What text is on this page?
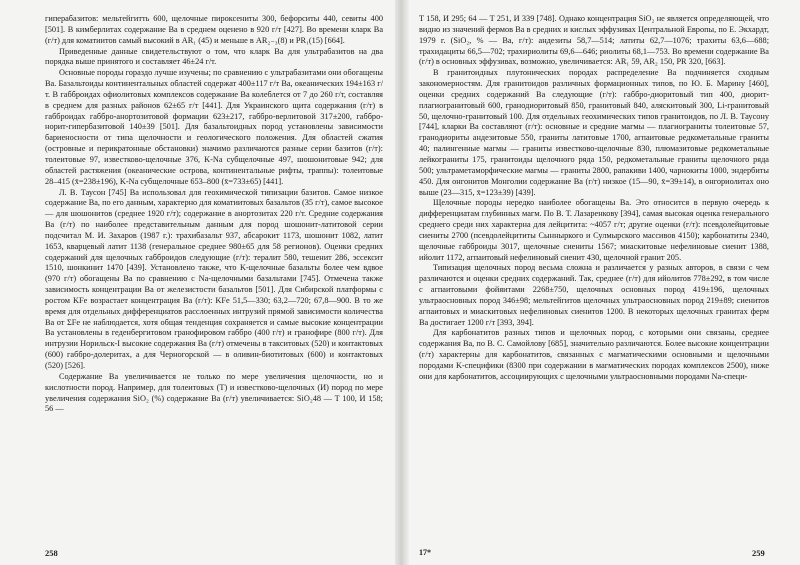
гиперабазитов: мельтейгитть 600, щелочные пироксениты 300, бефорситы 440, севиты 400 [501]. В кимберлитах содержание Ва в среднем оценено в 920 г/т [427]. Во времени кларк Ва (г/т) для коматиитов самый высокий в AR₁ (45) и меньше в AR₂₋₃(8) и PR₁(15) [664].

Приведенные данные свидетельствуют о том, что кларк Ва для ультрабазитов на два порядка выше принятого и составляет 46±24 г/т.

Основные породы гораздо лучше изучены; по сравнению с ультрабазитами они обогащены Ва. Базальтоиды континентальных областей содержат 400±117 г/т Ва, океанических 194±163 г/т. В габброидах офиолитовых комплексов содержание Ва колеблется от 7 до 260 г/т, составляя в среднем для разных районов 62±65 г/т [441]. Для Украинского щита содержания (г/т) в габброидах габбро-анортозитовой формации 623±217, габбро-верлитовой 317±200, габбро-норит-гипербазитовой 140±39 [501]. Для базальтоидных пород установлены зависимости бариеносности от типа щелочности и геологического положения. Для областей сжатия (островные и перикратонные обстановки) значимо различаются разные серии базитов (г/т): толеитовые 97, известково-щелочные 376, K-Na субщелочные 497, шошонитовые 942; для областей растяжения (океанические острова, континентальные рифты, траппы): толеитовые 28–415 (x̄=238±196), K-Na субщелочные 653–800 (x̄=733±65) [441].

Л. В. Таусон [745] Ва использовал для геохимической типизации базитов. Самое низкое содержание Ва, по его данным, характерно для коматиитовых базальтов (35 г/т), самое высокое — для шошонитов (среднее 1920 г/т); содержание в анортозитах 220 г/т. Средние содержания Ва (г/т) по наиболее представительным данным для пород шошонит-латитовой серии подсчитал М. И. Захаров (1987 г.): трахибазальт 937, абсарокит 1173, шошонит 1082, латит 1653, кварцевый латит 1138 (генеральное среднее 980±65 для 58 регионов). Оценки средних содержаний для щелочных габброидов следующие (г/т): тералит 580, тешенит 286, эссексит 1510, шонкинит 1470 [439]. Установлено также, что K-щелочные базальты более чем вдвое (970 г/т) обогащены Ва по сравнению с Na-щелочными базальтами [745]. Отмечена также зависимость концентрации Ва от железистости базальтов [501]. Для Сибирской платформы с ростом KFe возрастает концентрация Ва (г/т): KFe 51,5—330; 63,2—720; 67,8—900. В то же время для отдельных дифференциатов расслоенных интрузий прямой зависимости количества Ва от ΣFe не наблюдается, хотя общая тенденция сохраняется и самые высокие концентрации Ва установлены в геденбергитовом гранофировом габбро (400 г/т) и гранофире (800 г/т). Для интрузии Норильск-I высокие содержания Ва (г/т) отмечены в такситовых (520) и контактовых (600) габбро-долеритах, а для Черногорской — в оливин-биотитовых (600) и контактовых (520) [526].

Содержание Ва увеличивается не только по мере увеличения щелочности, но и кислотности пород. Например, для толеитовых (Т) и известково-щелочных (И) пород по мере увеличения содержания SiO₂ (%) содержание Ва (г/т) увеличивается: SiO₂48 — T 100, И 158; 56 —

258

T 158, И 295; 64 — T 251, И 339 [748]. Однако концентрация SiO₂ не является определяющей, что видно из значений фермов Ва в средних и кислых эффузивах Центральной Европы, по Е. Экхардт, 1979 г. (SiO₂, % — Ва, г/т): андезиты 58,7—514; латиты 62,7—1076; трахиты 63,6—688; трахидациты 66,5—702; трахириолиты 69,6—646; риолиты 68,1—753. Во времени содержание Ва (г/т) в основных эффузивах, возможно, увеличивается: AR₁ 59, AR₂ 150, PR 320, [663].

В гранитоидных плутонических породах распределение Ва подчиняется сходным закономерностям. Для гранитоидов различных формационных типов, по Ю. Б. Марину [460], оценки средних содержаний Ва следующие (г/т): габбро-диоритовый тип 400, диорит-плагиогранитовый 600, гранодиоритовый 850, гранитовый 840, аляскитовый 300, Li-гранитовый 50, щелочно-гранитовый 100. Для отдельных геохимических типов гранитоидов, по Л. В. Таусону [744], кларки Ва составляют (г/т): основные и средние магмы — плагиограниты толеитовые 57, гранодиориты андезитовые 550, граниты латитовые 1700, агпаитовые редкометальные граниты 40; палингенные магмы — граниты известково-щелочные 830, плюмазитовые редкометальные лейкограниты 175, гранитоиды щелочного ряда 150, редкометальные граниты щелочного ряда 500; ультраметаморфические магмы — граниты 2800, рапакиви 1400, чарнокиты 1000, эндербиты 450. Для онгонитов Монголии содержание Ва (г/т) низкое (15—90, x̄=39±14), в онгориолитах оно выше (23—315, x̄=123±39) [439].

Щелочные породы нередко наиболее обогащены Ва. Это относится в первую очередь к дифференциатам глубинных магм. По В. Т. Лазаренкову [394], самая высокая оценка генерального среднего среди них характерна для лейцитита: ~4057 г/т; другие оценки (г/т): псевдолейцитовые сиениты 2700 (псевдолейцититы Сынныркого и Сулмырского массивов 4150); карбонатиты 2340, щелочные габброиды 3017, щелочные сиениты 1567; миаскитовые нефелиновые сиенит 1388, ийолит 1172, агпаитовый нефелиновый сиенит 430, щелочной гранит 205.

Типизация щелочных пород весьма сложна и различается у разных авторов, в связи с чем различаются и оценки средних содержаний. Так, среднее (г/т) для ийолитов 778±292, в том числе с агпаитовыми фойяитами 2268±750, щелочных основных пород 419±196, щелочных ультраосновных пород 346±98; мельтейгитов щелочных ультраосновных пород 219±89; сиенитов агпаитовых и миаскитовых нефелиновых сиенитов 1200. В некоторых щелочных гранитах ферм Ва достигает 1200 г/т [393, 394].

Для карбонатитов разных типов и щелочных пород, с которыми они связаны, среднее содержания Ва, по В. С. Самойлову [685], значительно различаются. Более высокие концентрации (г/т) характерны для карбонатитов, связанных с магматическими основными и щелочными породами K-специфики (8300 при содержании в магматических породах комплексов 2500), ниже они для карбонатитов, ассоциирующих с щелочными ультраосновными породами Na-специ-

17*	259
